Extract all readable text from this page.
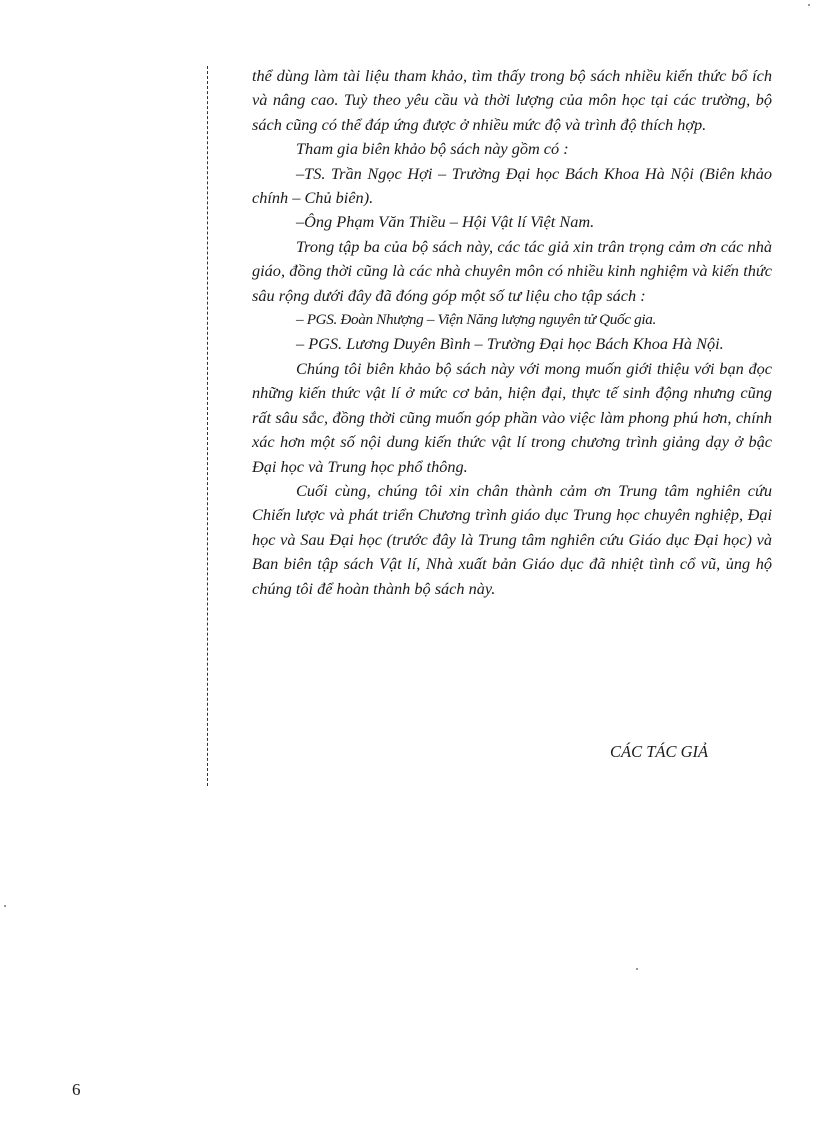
thể dùng làm tài liệu tham khảo, tìm thấy trong bộ sách nhiều kiến thức bổ ích và nâng cao. Tuỳ theo yêu cầu và thời lượng của môn học tại các trường, bộ sách cũng có thể đáp ứng được ở nhiều mức độ và trình độ thích hợp.

Tham gia biên khảo bộ sách này gồm có :

–TS. Trần Ngọc Hợi – Trường Đại học Bách Khoa Hà Nội (Biên khảo chính – Chủ biên).

–Ông Phạm Văn Thiều – Hội Vật lí Việt Nam.

Trong tập ba của bộ sách này, các tác giả xin trân trọng cảm ơn các nhà giáo, đồng thời cũng là các nhà chuyên môn có nhiều kinh nghiệm và kiến thức sâu rộng dưới đây đã đóng góp một số tư liệu cho tập sách :

– PGS. Đoàn Nhượng – Viện Năng lượng nguyên tử Quốc gia.

– PGS. Lương Duyên Bình – Trường Đại học Bách Khoa Hà Nội.

Chúng tôi biên khảo bộ sách này với mong muốn giới thiệu với bạn đọc những kiến thức vật lí ở mức cơ bản, hiện đại, thực tế sinh động nhưng cũng rất sâu sắc, đồng thời cũng muốn góp phần vào việc làm phong phú hơn, chính xác hơn một số nội dung kiến thức vật lí trong chương trình giảng dạy ở bậc Đại học và Trung học phổ thông.

Cuối cùng, chúng tôi xin chân thành cảm ơn Trung tâm nghiên cứu Chiến lược và phát triển Chương trình giáo dục Trung học chuyên nghiệp, Đại học và Sau Đại học (trước đây là Trung tâm nghiên cứu Giáo dục Đại học) và Ban biên tập sách Vật lí, Nhà xuất bản Giáo dục đã nhiệt tình cổ vũ, ủng hộ chúng tôi để hoàn thành bộ sách này.

CÁC TÁC GIẢ
6
